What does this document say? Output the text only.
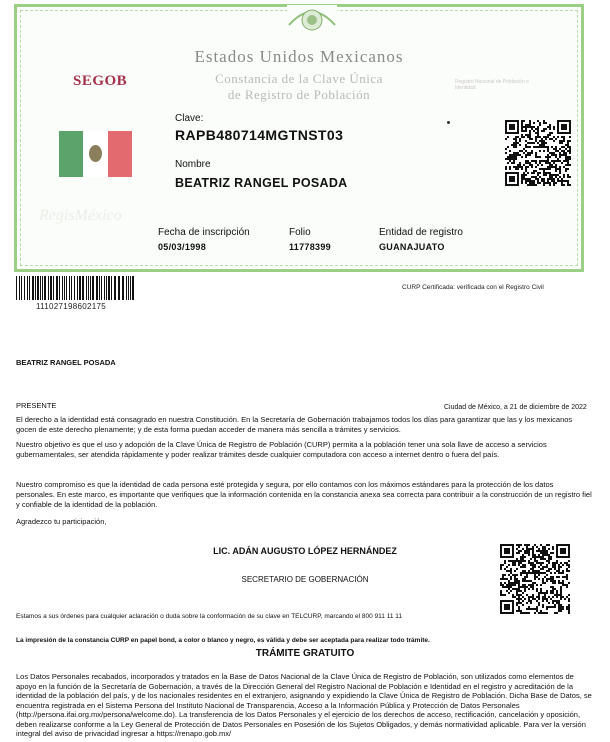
Estados Unidos Mexicanos
Constancia de la Clave Única
de Registro de Población
SEGOB	Registro Nacional de Población e Identidad
RegisMéxico
Clave:
RAPB480714MGTNST03
Nombre
BEATRIZ RANGEL POSADA
Fecha de inscripción
05/03/1998
Folio
11778399
Entidad de registro
GUANAJUATO
111027198602175
CURP Certificada: verificada con el Registro Civil
BEATRIZ RANGEL POSADA
PRESENTE	Ciudad de México, a 21 de diciembre de 2022
El derecho a la identidad está consagrado en nuestra Constitución. En la Secretaría de Gobernación trabajamos todos los días para garantizar que las y los mexicanos gocen de este derecho plenamente; y de esta forma puedan acceder de manera más sencilla a trámites y servicios.
Nuestro objetivo es que el uso y adopción de la Clave Única de Registro de Población (CURP) permita a la población tener una sola llave de acceso a servicios gubernamentales, ser atendida rápidamente y poder realizar trámites desde cualquier computadora con acceso a internet dentro o fuera del país.
Nuestro compromiso es que la identidad de cada persona esté protegida y segura, por ello contamos con los máximos estándares para la protección de los datos personales. En este marco, es importante que verifiques que la información contenida en la constancia anexa sea correcta para contribuir a la construcción de un registro fiel y confiable de la identidad de la población.
Agradezco tu participación,
LIC. ADÁN AUGUSTO LÓPEZ HERNÁNDEZ
SECRETARIO DE GOBERNACIÓN
Estamos a sus órdenes para cualquier aclaración o duda sobre la conformación de su clave en TELCURP, marcando el 800 911 11 11
La impresión de la constancia CURP en papel bond, a color o blanco y negro, es válida y debe ser aceptada para realizar todo trámite.
TRÁMITE GRATUITO
Los Datos Personales recabados, incorporados y tratados en la Base de Datos Nacional de la Clave Única de Registro de Población, son utilizados como elementos de apoyo en la función de la Secretaría de Gobernación, a través de la Dirección General del Registro Nacional de Población e Identidad en el registro y acreditación de la identidad de la población del país, y de los nacionales residentes en el extranjero, asignando y expidiendo la Clave Única de Registro de Población. Dicha Base de Datos, se encuentra registrada en el Sistema Persona del Instituto Nacional de Transparencia, Acceso a la Información Pública y Protección de Datos Personales (http://persona.ifai.org.mx/persona/welcome.do). La transferencia de los Datos Personales y el ejercicio de los derechos de acceso, rectificación, cancelación y oposición, deben realizarse conforme a la Ley General de Protección de Datos Personales en Posesión de los Sujetos Obligados, y demás normatividad aplicable. Para ver la versión integral del aviso de privacidad ingresar a https://renapo.gob.mx/
